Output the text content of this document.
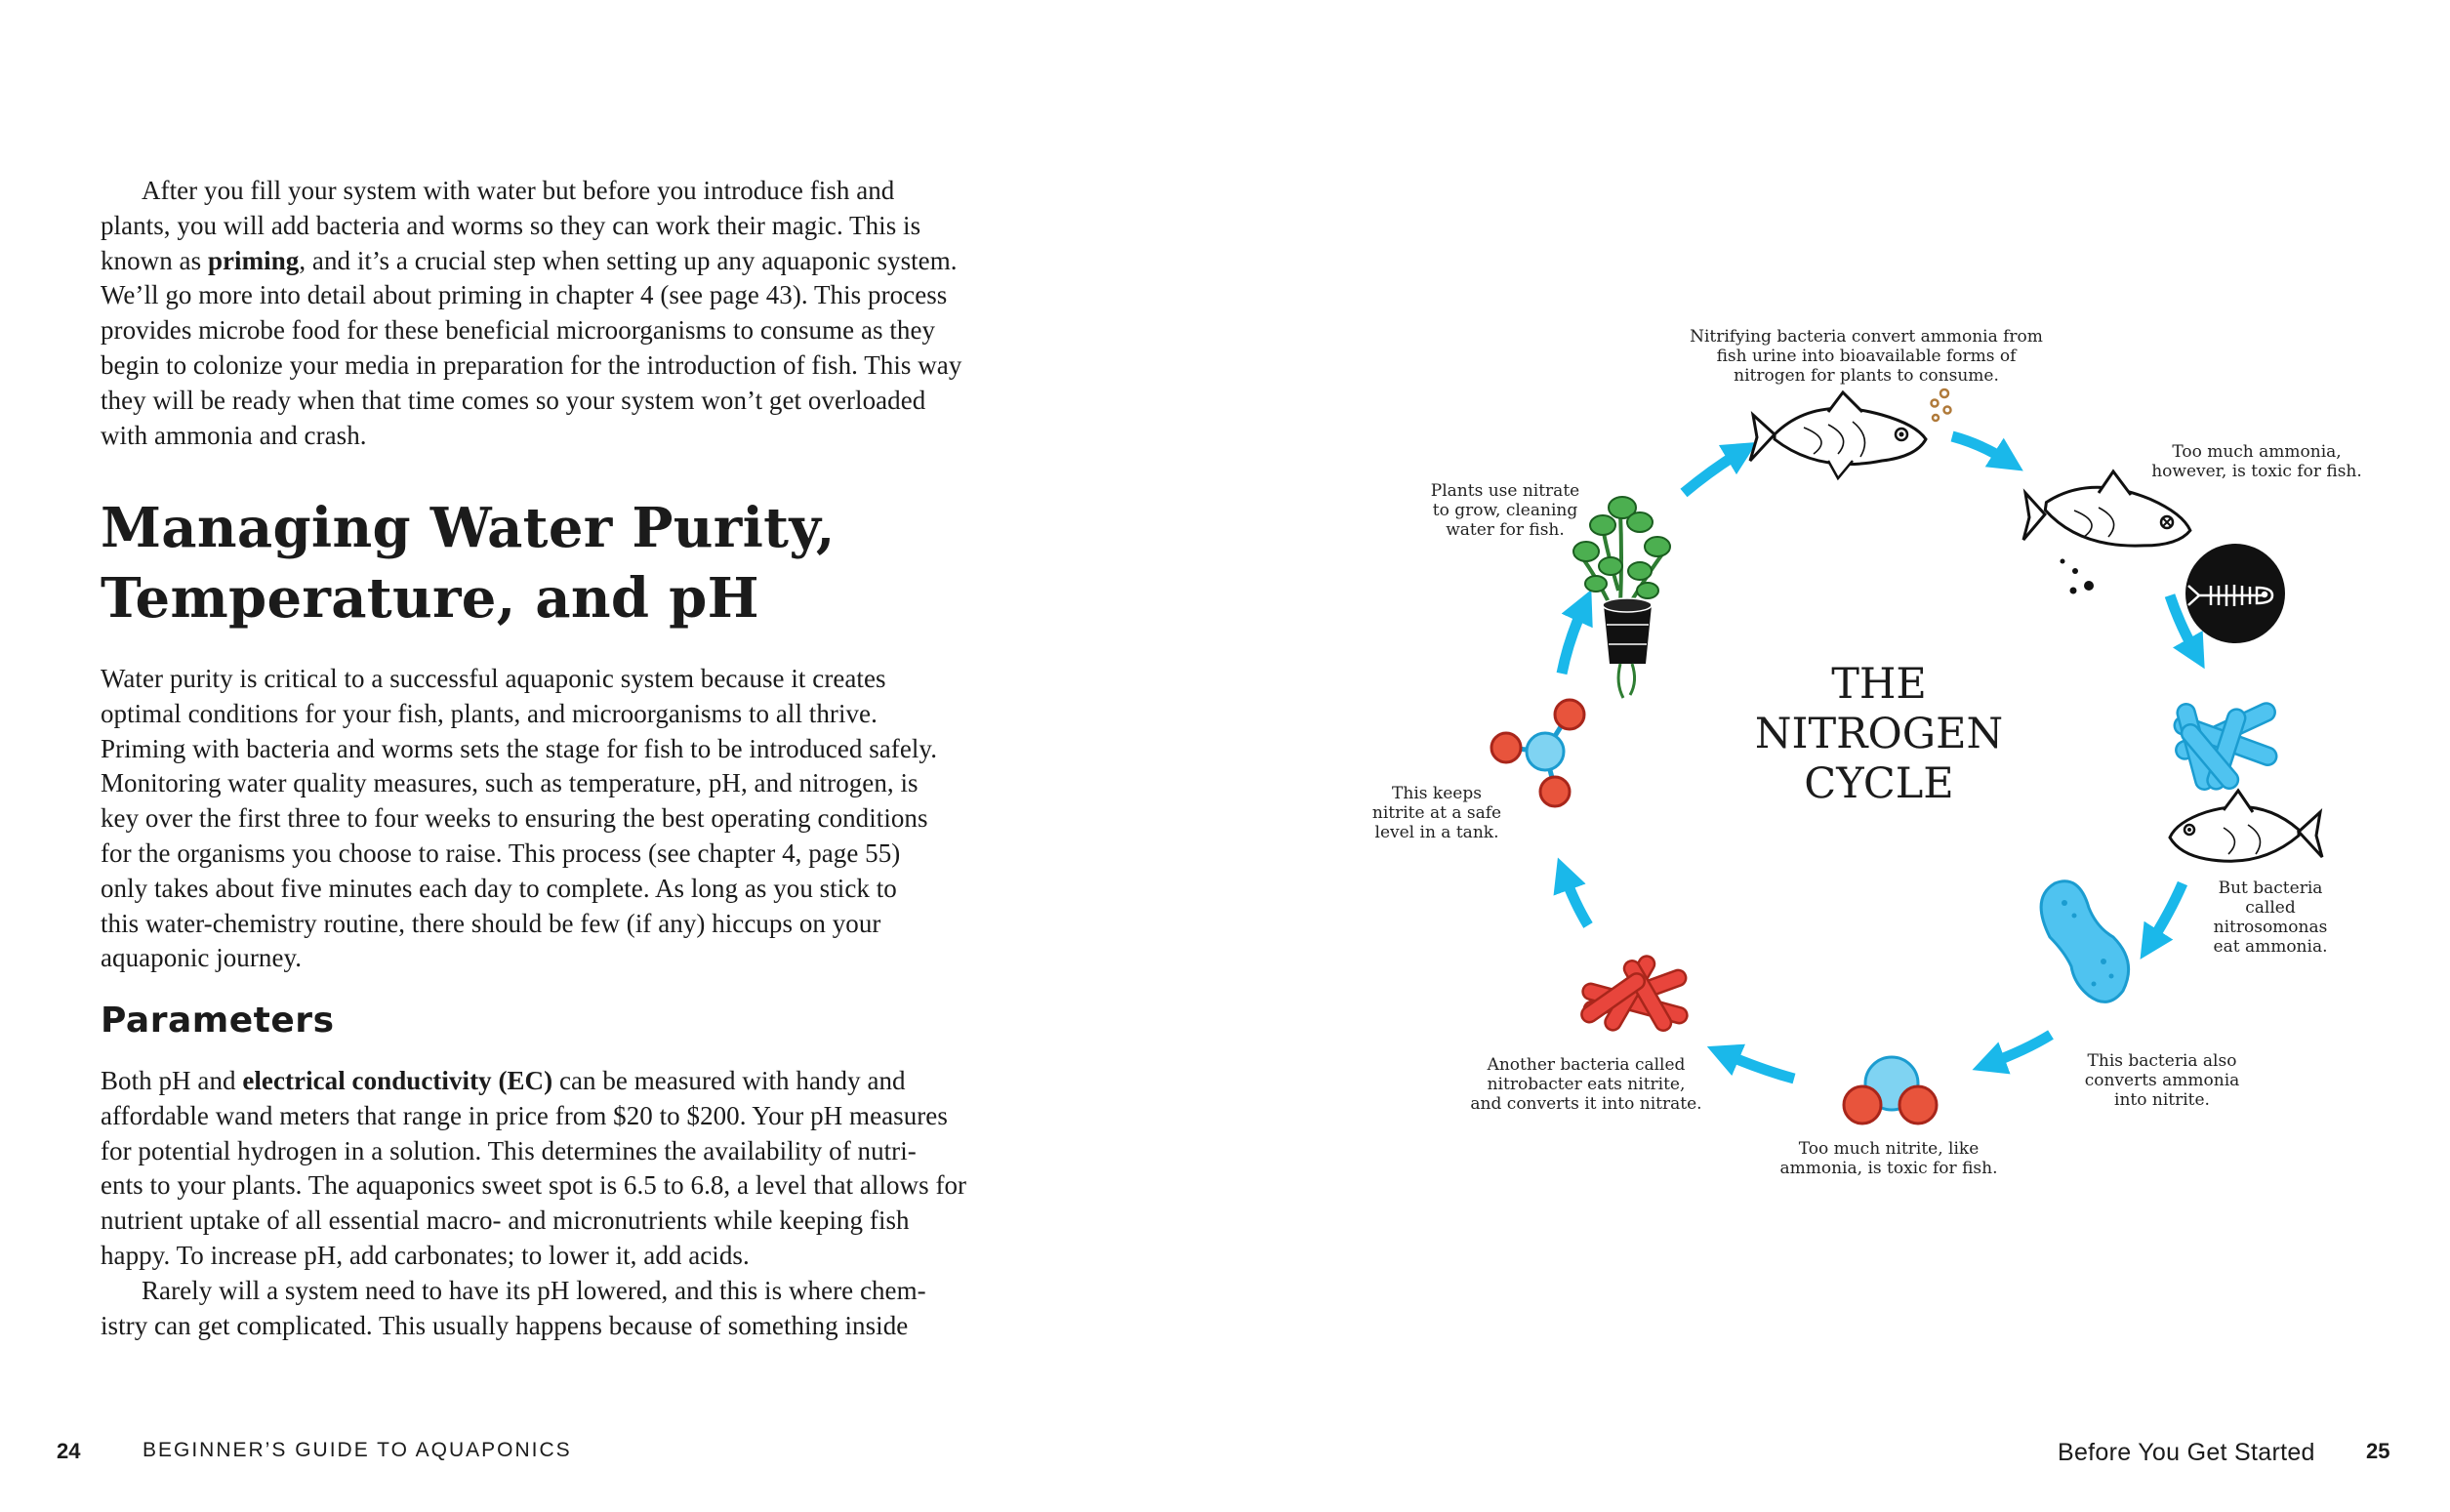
After you fill your system with water but before you introduce fish and
plants, you will add bacteria and worms so they can work their magic. This is
known as priming, and it’s a crucial step when setting up any aquaponic system.
We’ll go more into detail about priming in chapter 4 (see page 43). This process
provides microbe food for these beneficial microorganisms to consume as they
begin to colonize your media in preparation for the introduction of fish. This way
they will be ready when that time comes so your system won’t get overloaded
with ammonia and crash.

Managing Water Purity,
Temperature, and pH

Water purity is critical to a successful aquaponic system because it creates
optimal conditions for your fish, plants, and microorganisms to all thrive.
Priming with bacteria and worms sets the stage for fish to be introduced safely.
Monitoring water quality measures, such as temperature, pH, and nitrogen, is
key over the first three to four weeks to ensuring the best operating conditions
for the organisms you choose to raise. This process (see chapter 4, page 55)
only takes about five minutes each day to complete. As long as you stick to
this water-chemistry routine, there should be few (if any) hiccups on your
aquaponic journey.

Parameters

Both pH and electrical conductivity (EC) can be measured with handy and
affordable wand meters that range in price from $20 to $200. Your pH measures
for potential hydrogen in a solution. This determines the availability of nutri-
ents to your plants. The aquaponics sweet spot is 6.5 to 6.8, a level that allows for
nutrient uptake of all essential macro- and micronutrients while keeping fish
happy. To increase pH, add carbonates; to lower it, add acids.
Rarely will a system need to have its pH lowered, and this is where chem-
istry can get complicated. This usually happens because of something inside

24	BEGINNER’S GUIDE TO AQUAPONICS	Before You Get Started 25
THE
NITROGEN
CYCLE
Nitrifying bacteria convert ammonia from
fish urine into bioavailable forms of
nitrogen for plants to consume.
Too much ammonia,
however, is toxic for fish.
Plants use nitrate
to grow, cleaning
water for fish.
This keeps
nitrite at a safe
level in a tank.
But bacteria
called
nitrosomonas
eat ammonia.
This bacteria also
converts ammonia
into nitrite.
Another bacteria called
nitrobacter eats nitrite,
and converts it into nitrate.
Too much nitrite, like
ammonia, is toxic for fish.
